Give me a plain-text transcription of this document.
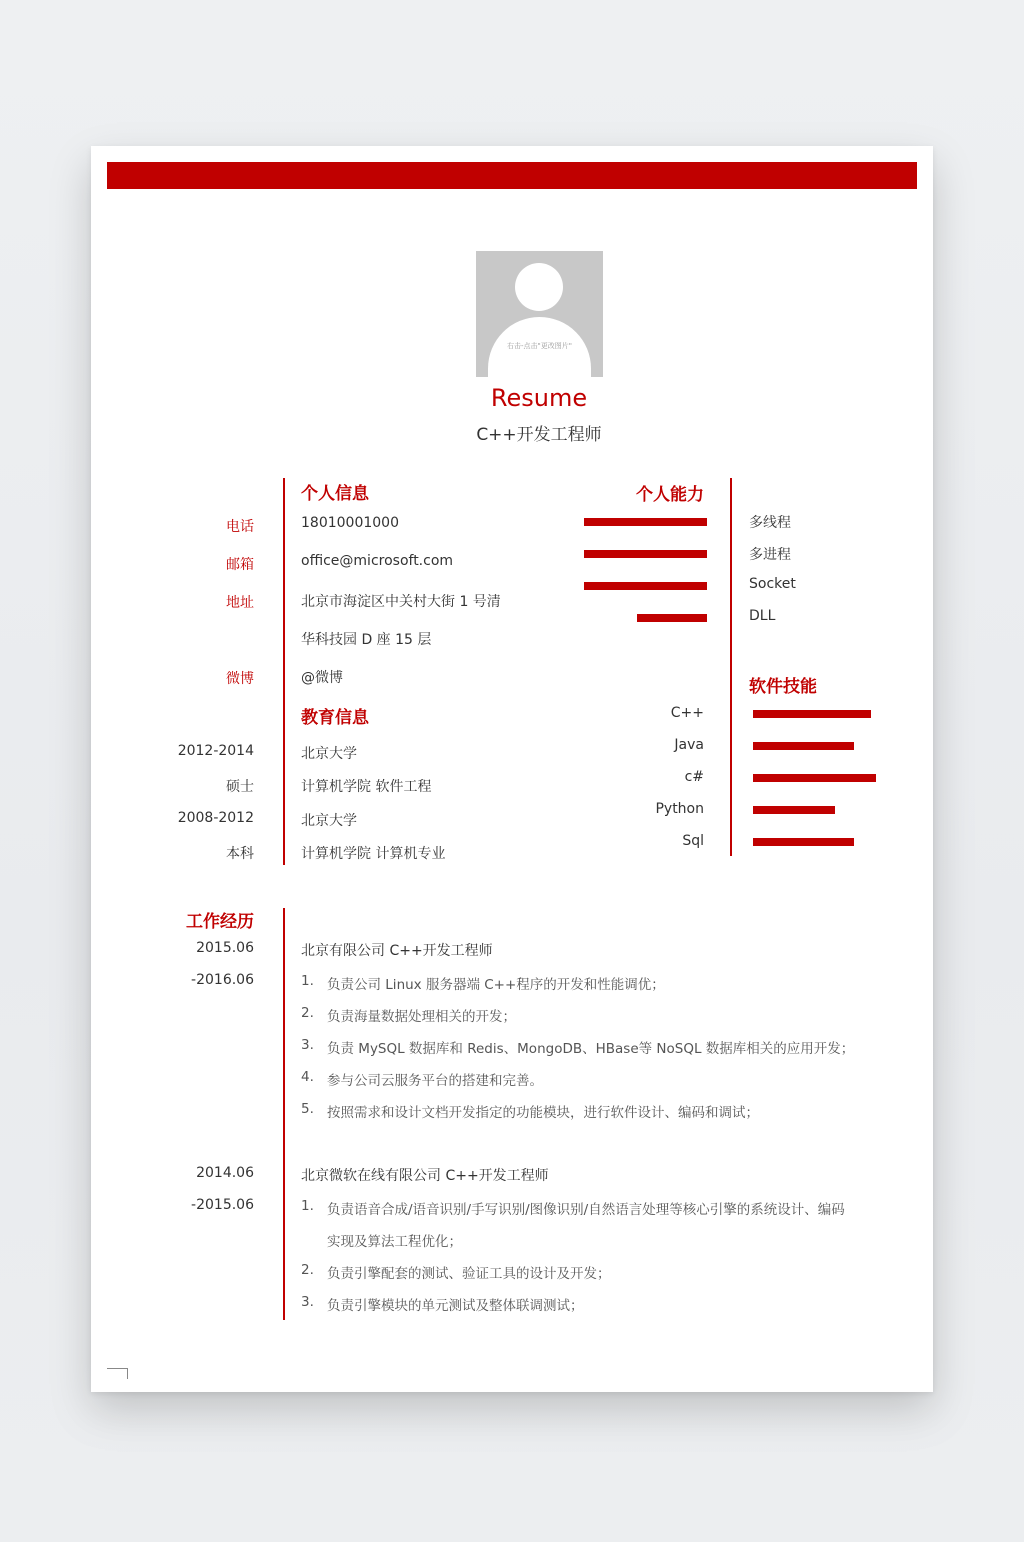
右击-点击"更改图片"
Resume
C++开发工程师
个人信息
电话	18010001000
邮箱	office@microsoft.com
地址	北京市海淀区中关村大街 1 号清
华科技园 D 座 15 层
微博	@微博
教育信息
2012-2014	北京大学
硕士	计算机学院 软件工程
2008-2012	北京大学
本科	计算机学院 计算机专业
个人能力
多线程
多进程
Socket
DLL
软件技能
C++
Java
c#
Python
Sql
工作经历
2015.06
-2016.06
北京有限公司 C++开发工程师
1. 负责公司 Linux 服务器端 C++程序的开发和性能调优；
2. 负责海量数据处理相关的开发；
3. 负责 MySQL 数据库和 Redis、MongoDB、HBase等 NoSQL 数据库相关的应用开发；
4. 参与公司云服务平台的搭建和完善。
5. 按照需求和设计文档开发指定的功能模块，进行软件设计、编码和调试；
2014.06
-2015.06
北京微软在线有限公司 C++开发工程师
1. 负责语音合成/语音识别/手写识别/图像识别/自然语言处理等核心引擎的系统设计、编码
实现及算法工程优化；
2. 负责引擎配套的测试、验证工具的设计及开发；
3. 负责引擎模块的单元测试及整体联调测试；
